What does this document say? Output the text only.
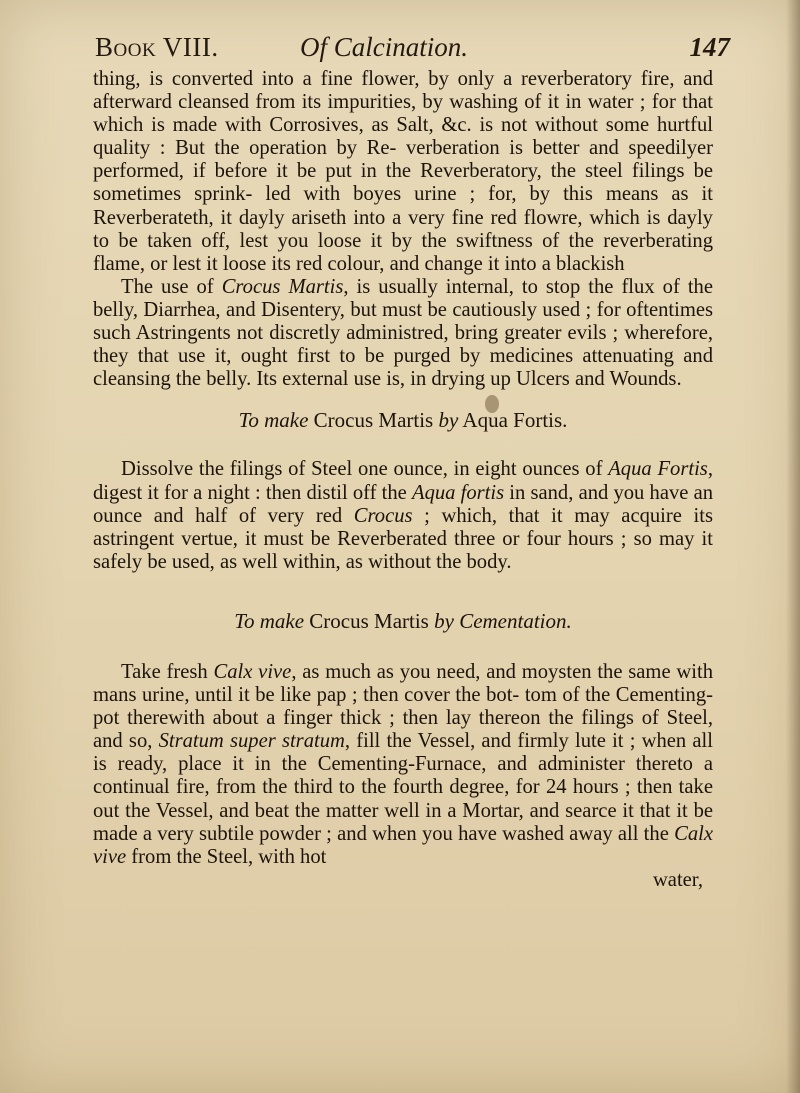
Book VIII.	Of Calcination.	147

thing, is converted into a fine flower, by only a reverberatory fire, and afterward cleansed from its impurities, by washing of it in water ; for that which is made with Corrosives, as Salt, &c. is not without some hurtful quality : But the operation by Re- verberation is better and speedilyer performed, if before it be put in the Reverberatory, the steel filings be sometimes sprink- led with boyes urine ; for, by this means as it Reverberateth, it dayly ariseth into a very fine red flowre, which is dayly to be taken off, lest you loose it by the swiftness of the reverberating flame, or lest it loose its red colour, and change it into a blackish

The use of Crocus Martis, is usually internal, to stop the flux of the belly, Diarrhea, and Disentery, but must be cautiously used ; for oftentimes such Astringents not discretly administred, bring greater evils ; wherefore, they that use it, ought first to be purged by medicines attenuating and cleansing the belly. Its external use is, in drying up Ulcers and Wounds.

To make Crocus Martis by Aqua Fortis.

Dissolve the filings of Steel one ounce, in eight ounces of Aqua Fortis, digest it for a night : then distil off the Aqua fortis in sand, and you have an ounce and half of very red Crocus ; which, that it may acquire its astringent vertue, it must be Reverberated three or four hours ; so may it safely be used, as well within, as without the body.

To make Crocus Martis by Cementation.

Take fresh Calx vive, as much as you need, and moysten the same with mans urine, until it be like pap ; then cover the bot- tom of the Cementing-pot therewith about a finger thick ; then lay thereon the filings of Steel, and so, Stratum super stratum, fill the Vessel, and firmly lute it ; when all is ready, place it in the Cementing-Furnace, and administer thereto a continual fire, from the third to the fourth degree, for 24 hours ; then take out the Vessel, and beat the matter well in a Mortar, and searce it that it be made a very subtile powder ; and when you have washed away all the Calx vive from the Steel, with hot

water,
